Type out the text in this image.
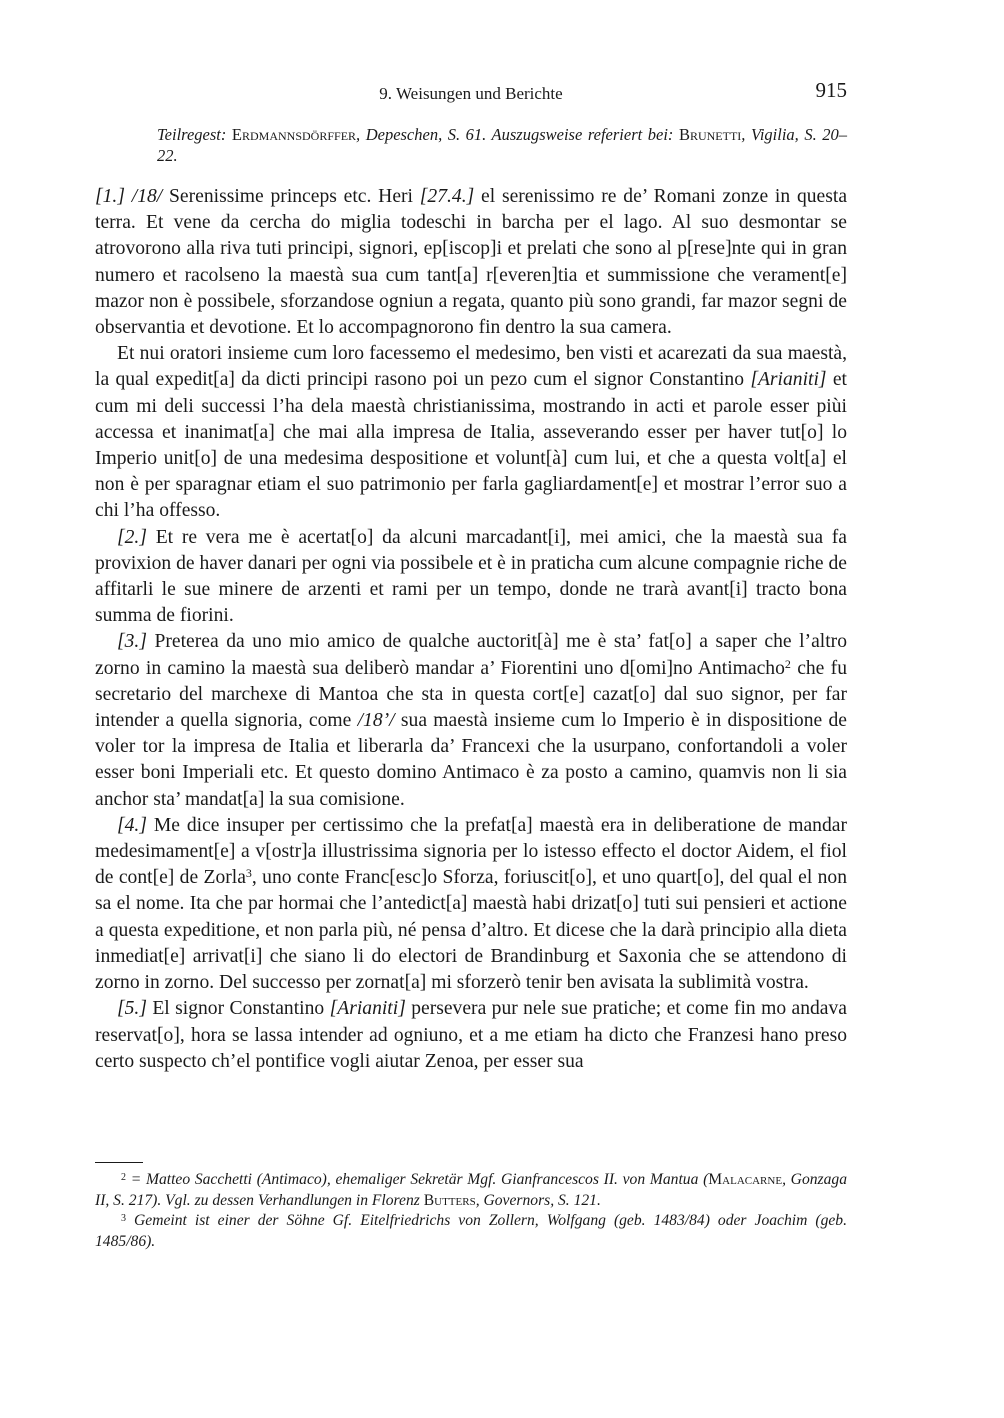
9. Weisungen und Berichte	915
Teilregest: Erdmannsdörffer, Depeschen, S. 61. Auszugsweise referiert bei: Brunetti, Vigilia, S. 20–22.

[1.] /18/ Serenissime princeps etc. Heri [27.4.] el serenissimo re de’ Romani zonze in questa terra. Et vene da cercha do miglia todeschi in barcha per el lago. Al suo desmontar se atrovorono alla riva tuti principi, signori, ep[iscop]i et prelati che sono al p[rese]nte qui in gran numero et racolseno la maestà sua cum tant[a] r[everen]tia et summissione che verament[e] mazor non è possibele, sforzandose ogniun a regata, quanto più sono grandi, far mazor segni de observantia et devotione. Et lo accompagnorono fin dentro la sua camera.

Et nui oratori insieme cum loro facessemo el medesimo, ben visti et acarezati da sua maestà, la qual expedit[a] da dicti principi rasono poi un pezo cum el signor Constantino [Arianiti] et cum mi deli successi l’ha dela maestà christianissima, mostrando in acti et parole esser piùi accessa et inanimat[a] che mai alla impresa de Italia, asseverando esser per haver tut[o] lo Imperio unit[o] de una medesima despositione et volunt[à] cum lui, et che a questa volt[a] el non è per sparagnar etiam el suo patrimonio per farla gagliardament[e] et mostrar l’error suo a chi l’ha offesso.

[2.] Et re vera me è acertat[o] da alcuni marcadant[i], mei amici, che la maestà sua fa provixion de haver danari per ogni via possibele et è in praticha cum alcune compagnie riche de affitarli le sue minere de arzenti et rami per un tempo, donde ne trarà avant[i] tracto bona summa de fiorini.

[3.] Preterea da uno mio amico de qualche auctorit[à] me è sta’ fat[o] a saper che l’altro zorno in camino la maestà sua deliberò mandar a’ Fiorentini uno d[omi]no Antimacho$^2$ che fu secretario del marchexe di Mantoa che sta in questa cort[e] cazat[o] dal suo signor, per far intender a quella signoria, come /18’/ sua maestà insieme cum lo Imperio è in dispositione de voler tor la impresa de Italia et liberarla da’ Francexi che la usurpano, confortandoli a voler esser boni Imperiali etc. Et questo domino Antimaco è za posto a camino, quamvis non li sia anchor sta’ mandat[a] la sua comisione.

[4.] Me dice insuper per certissimo che la prefat[a] maestà era in deliberatione de mandar medesimament[e] a v[ostr]a illustrissima signoria per lo istesso effecto el doctor Aidem, el fiol de cont[e] de Zorla$^3$, uno conte Franc[esc]o Sforza, foriuscit[o], et uno quart[o], del qual el non sa el nome. Ita che par hormai che l’antedict[a] maestà habi drizat[o] tuti sui pensieri et actione a questa expeditione, et non parla più, né pensa d’altro. Et dicese che la darà principio alla dieta inmediat[e] arrivat[i] che siano li do electori de Brandinburg et Saxonia che se attendono di zorno in zorno. Del successo per zornat[a] mi sforzerò tenir ben avisata la sublimità vostra.

[5.] El signor Constantino [Arianiti] persevera pur nele sue pratiche; et come fin mo andava reservat[o], hora se lassa intender ad ogniuno, et a me etiam ha dicto che Franzesi hano preso certo suspecto ch’el pontifice vogli aiutar Zenoa, per esser sua

$^2$ = Matteo Sacchetti (Antimaco), ehemaliger Sekretär Mgf. Gianfrancescos II. von Mantua (Malacarne, Gonzaga II, S. 217). Vgl. zu dessen Verhandlungen in Florenz Butters, Governors, S. 121.

$^3$ Gemeint ist einer der Söhne Gf. Eitelfriedrichs von Zollern, Wolfgang (geb. 1483/84) oder Joachim (geb. 1485/86).
